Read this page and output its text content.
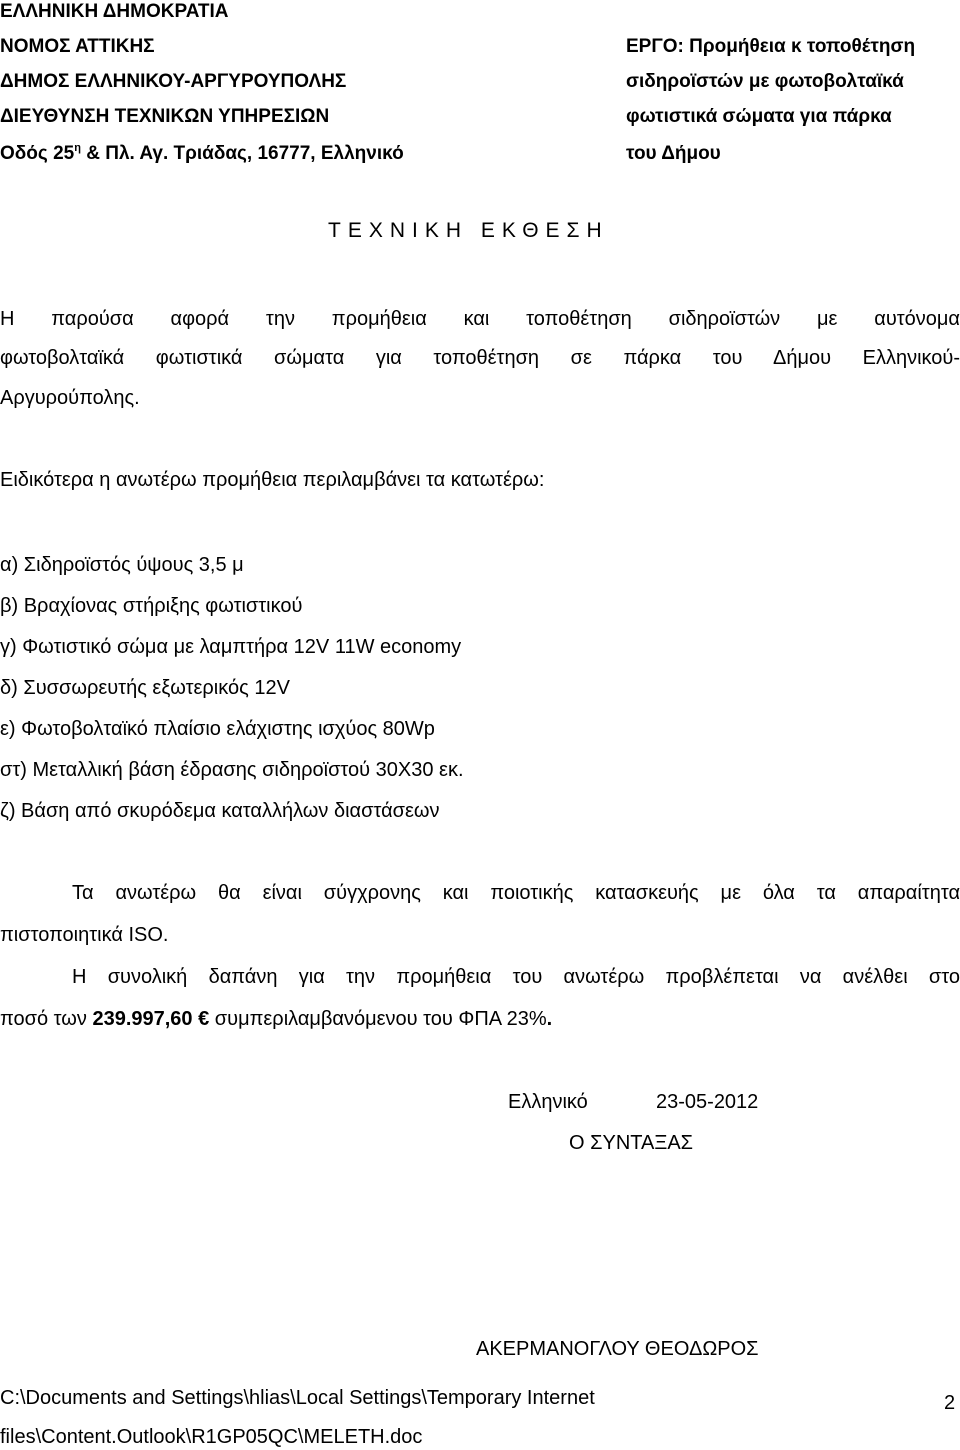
ΕΛΛΗΝΙΚΗ ΔΗΜΟΚΡΑΤΙΑ
ΝΟΜΟΣ ΑΤΤΙΚΗΣ
ΔΗΜΟΣ ΕΛΛΗΝΙΚΟΥ-ΑΡΓΥΡΟΥΠΟΛΗΣ
ΔΙΕΥΘΥΝΣΗ ΤΕΧΝΙΚΩΝ ΥΠΗΡΕΣΙΩΝ
Οδός $25^\eta$ & Πλ. Αγ. Τριάδας, 16777, Ελληνικό
ΕΡΓΟ: Προμήθεια κ τοποθέτηση
σιδηροϊστών με φωτοβολταϊκά
φωτιστικά σώματα για πάρκα
του Δήμου
ΤΕΧΝΙΚΗ ΕΚΘΕΣΗ
Η παρούσα αφορά την προμήθεια και τοποθέτηση σιδηροϊστών με αυτόνομα
φωτοβολταϊκά φωτιστικά σώματα για τοποθέτηση σε πάρκα του Δήμου Ελληνικού-
Αργυρούπολης.
Ειδικότερα η ανωτέρω προμήθεια περιλαμβάνει τα κατωτέρω:
α) Σιδηροϊστός ύψους 3,5 μ
β) Βραχίονας στήριξης φωτιστικού
γ) Φωτιστικό σώμα με λαμπτήρα 12V 11W economy
δ) Συσσωρευτής εξωτερικός 12V
ε) Φωτοβολταϊκό πλαίσιο ελάχιστης ισχύος 80Wp
στ) Μεταλλική βάση έδρασης σιδηροϊστού 30Χ30 εκ.
ζ) Βάση από σκυρόδεμα καταλλήλων διαστάσεων
Τα ανωτέρω θα είναι σύγχρονης και ποιοτικής κατασκευής με όλα τα απαραίτητα
πιστοποιητικά ISO.
Η συνολική δαπάνη για την προμήθεια του ανωτέρω προβλέπεται να ανέλθει στο
ποσό των 239.997,60 € συμπεριλαμβανόμενου του ΦΠΑ 23%.
Ελληνικό	23-05-2012
Ο ΣΥΝΤΑΞΑΣ
ΑΚΕΡΜΑΝΟΓΛΟΥ ΘΕΟΔΩΡΟΣ
C:\Documents and Settings\hlias\Local Settings\Temporary Internet
files\Content.Outlook\R1GP05QC\MELETH.doc
2
